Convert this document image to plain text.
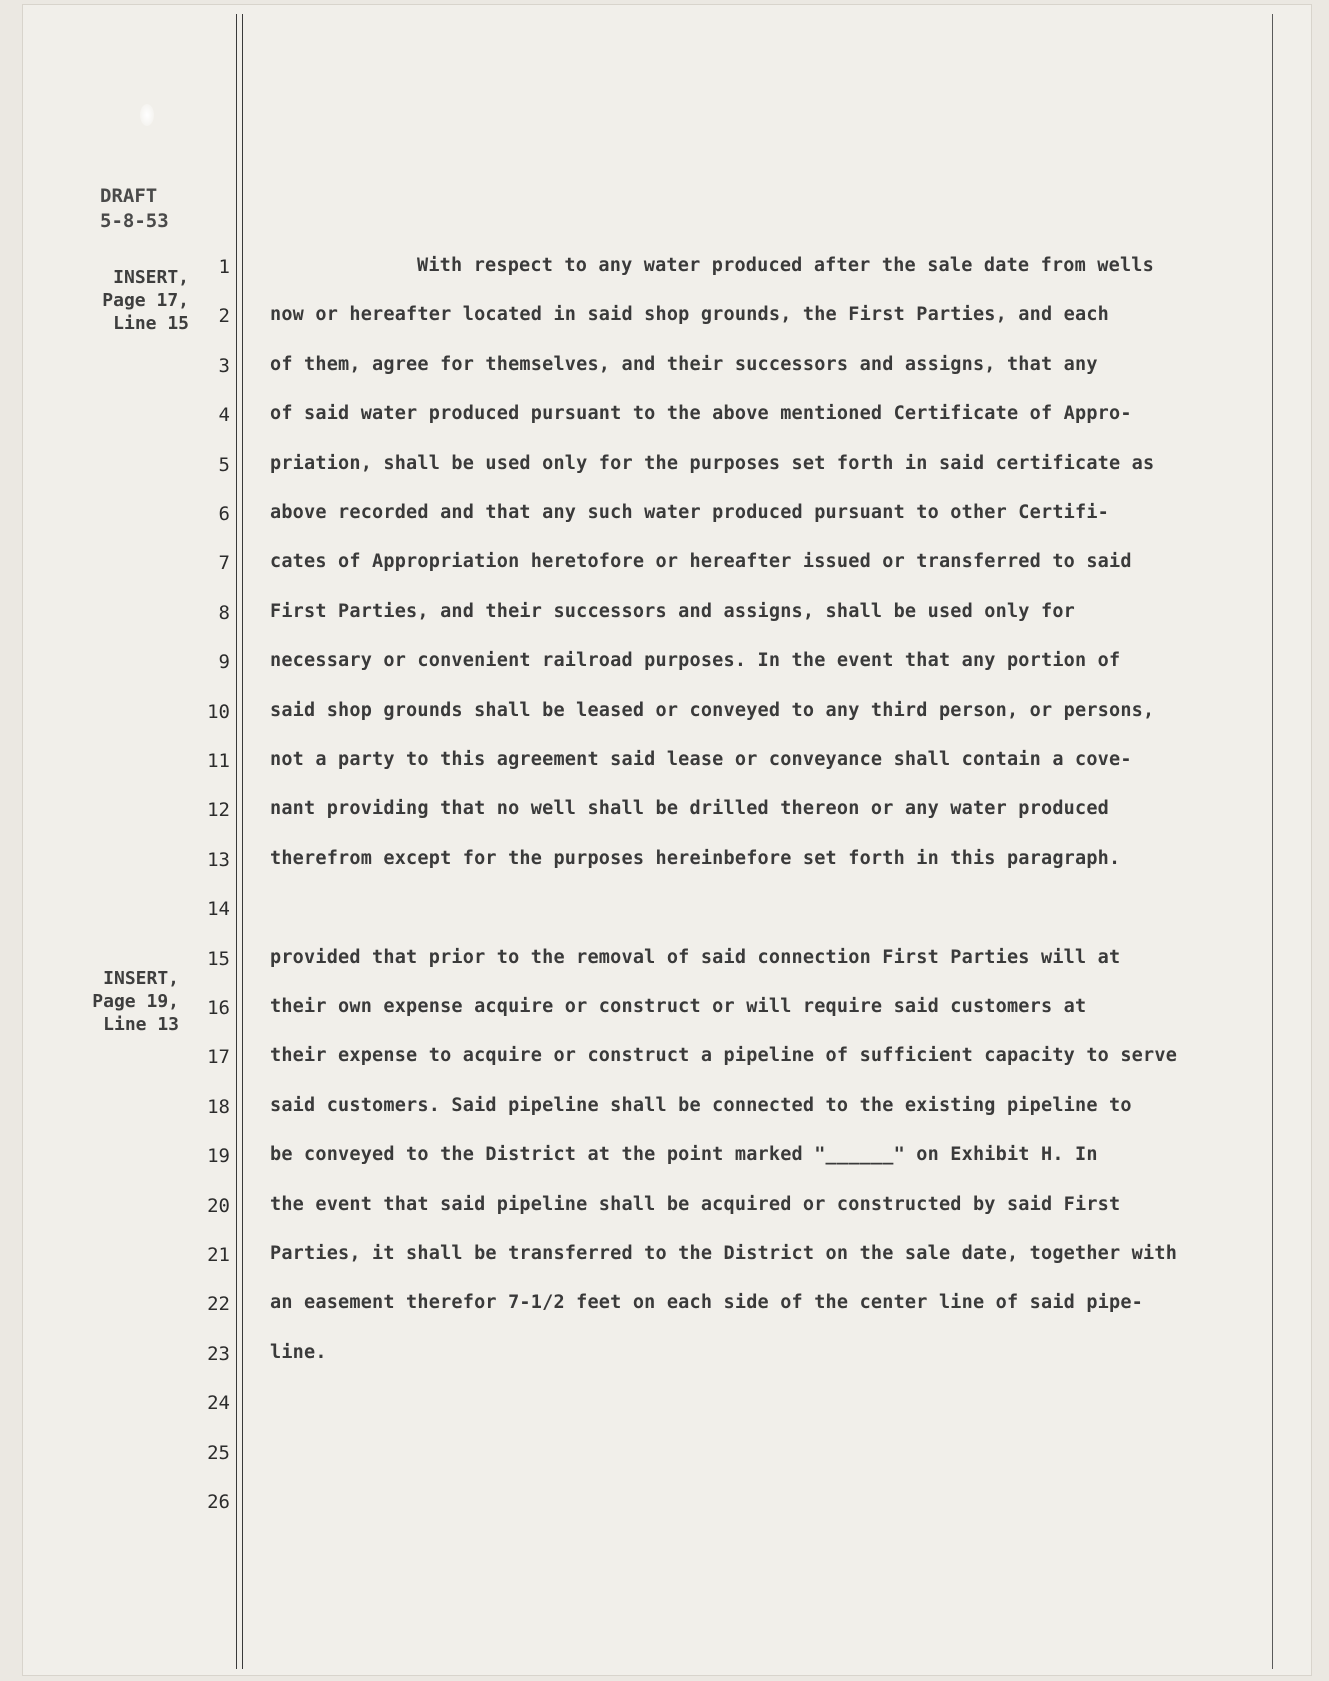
DRAFT
5-8-53
INSERT,
Page 17,
Line 15
INSERT,
Page 19,
Line 13
1
2
3
4
5
6
7
8
9
10
11
12
13
14
15
16
17
18
19
20
21
22
23
24
25
26
With respect to any water produced after the sale date from wells
now or hereafter located in said shop grounds, the First Parties, and each
of them, agree for themselves, and their successors and assigns, that any
of said water produced pursuant to the above mentioned Certificate of Appro-
priation, shall be used only for the purposes set forth in said certificate as
above recorded and that any such water produced pursuant to other Certifi-
cates of Appropriation heretofore or hereafter issued or transferred to said
First Parties, and their successors and assigns, shall be used only for
necessary or convenient railroad purposes. In the event that any portion of
said shop grounds shall be leased or conveyed to any third person, or persons,
not a party to this agreement said lease or conveyance shall contain a cove-
nant providing that no well shall be drilled thereon or any water produced
therefrom except for the purposes hereinbefore set forth in this paragraph.
provided that prior to the removal of said connection First Parties will at
their own expense acquire or construct or will require said customers at
their expense to acquire or construct a pipeline of sufficient capacity to serve
said customers. Said pipeline shall be connected to the existing pipeline to
be conveyed to the District at the point marked "______" on Exhibit H. In
the event that said pipeline shall be acquired or constructed by said First
Parties, it shall be transferred to the District on the sale date, together with
an easement therefor 7-1/2 feet on each side of the center line of said pipe-
line.
